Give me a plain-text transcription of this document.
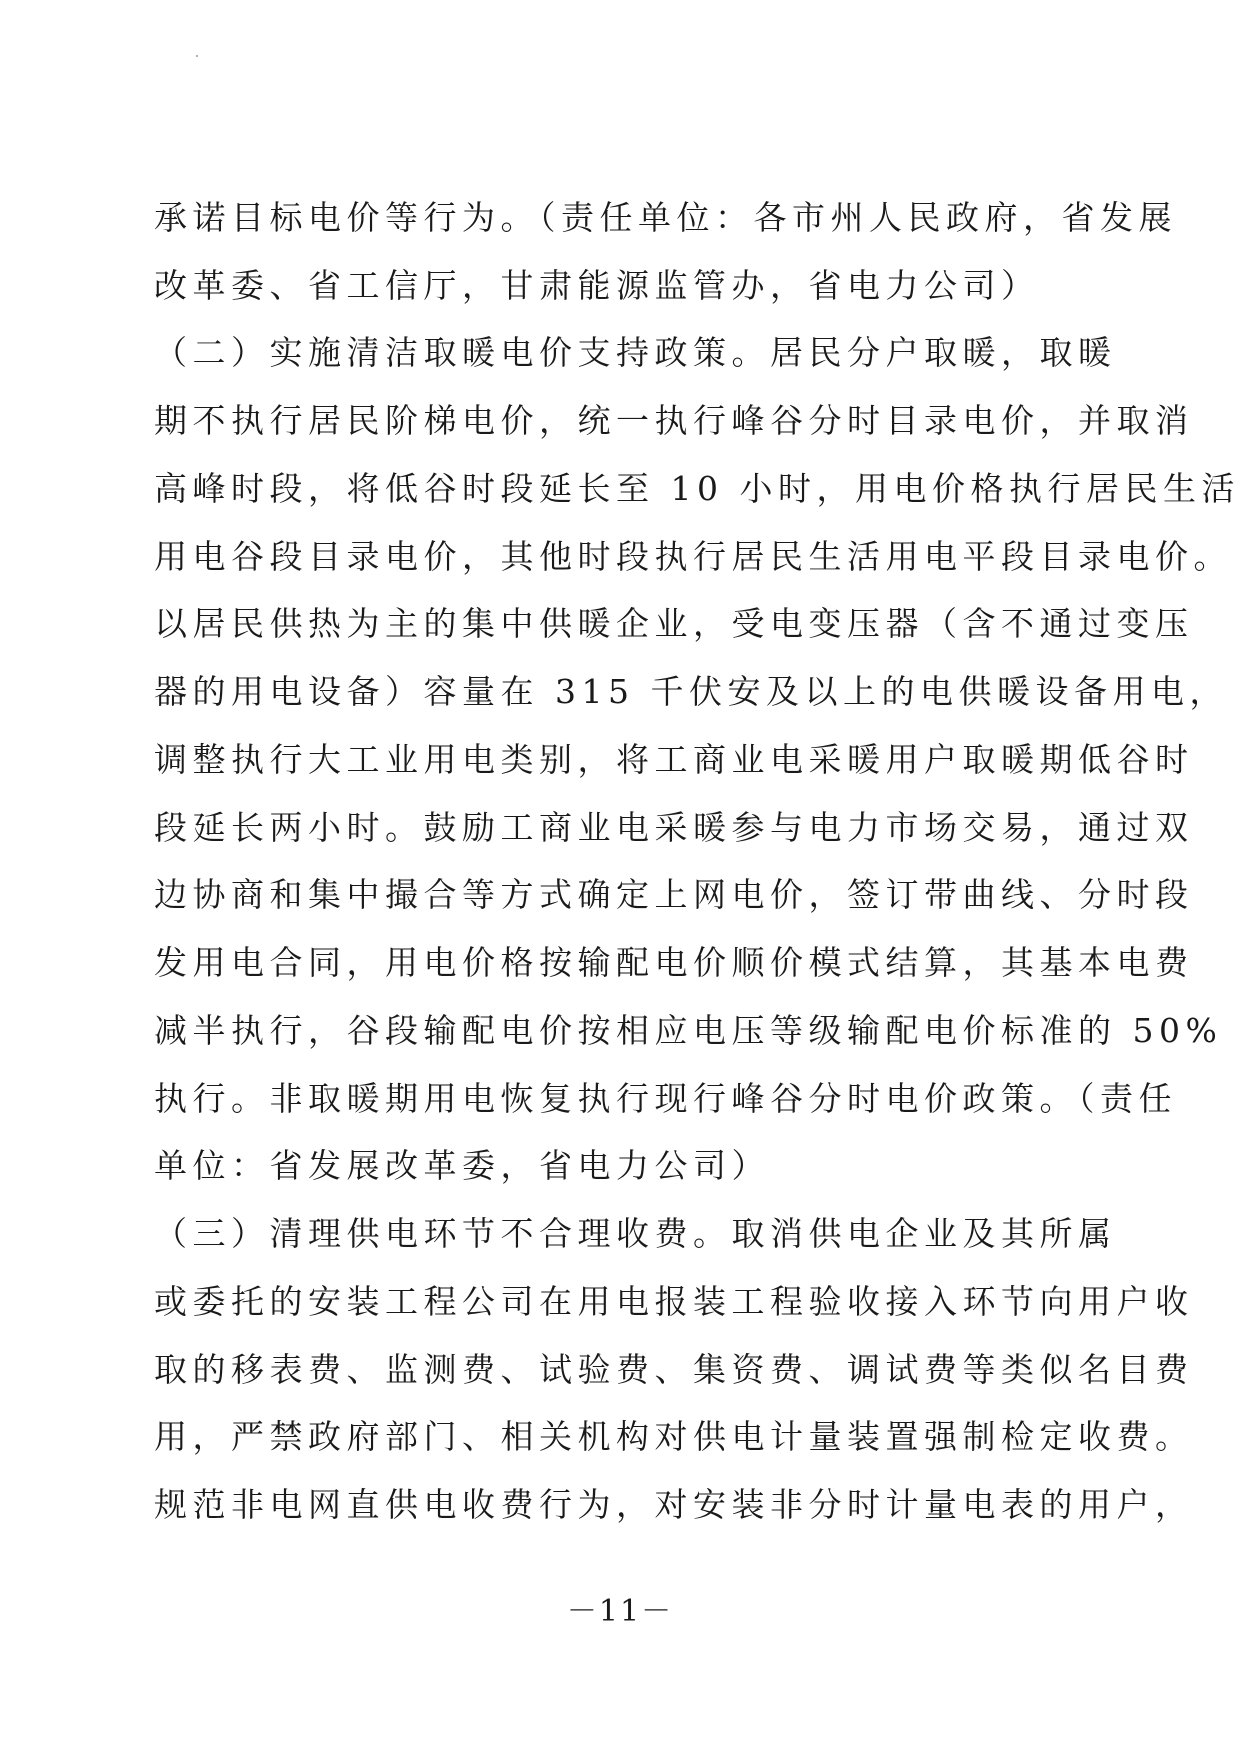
承诺目标电价等行为。（责任单位：各市州人民政府，省发展
改革委、省工信厅，甘肃能源监管办，省电力公司）
（二）实施清洁取暖电价支持政策。居民分户取暖，取暖
期不执行居民阶梯电价，统一执行峰谷分时目录电价，并取消
高峰时段，将低谷时段延长至 10 小时，用电价格执行居民生活
用电谷段目录电价，其他时段执行居民生活用电平段目录电价。
以居民供热为主的集中供暖企业，受电变压器（含不通过变压
器的用电设备）容量在 315 千伏安及以上的电供暖设备用电，
调整执行大工业用电类别，将工商业电采暖用户取暖期低谷时
段延长两小时。鼓励工商业电采暖参与电力市场交易，通过双
边协商和集中撮合等方式确定上网电价，签订带曲线、分时段
发用电合同，用电价格按输配电价顺价模式结算，其基本电费
减半执行，谷段输配电价按相应电压等级输配电价标准的 50%
执行。非取暖期用电恢复执行现行峰谷分时电价政策。（责任
单位：省发展改革委，省电力公司）
（三）清理供电环节不合理收费。取消供电企业及其所属
或委托的安装工程公司在用电报装工程验收接入环节向用户收
取的移表费、监测费、试验费、集资费、调试费等类似名目费
用，严禁政府部门、相关机构对供电计量装置强制检定收费。
规范非电网直供电收费行为，对安装非分时计量电表的用户，
－11－
